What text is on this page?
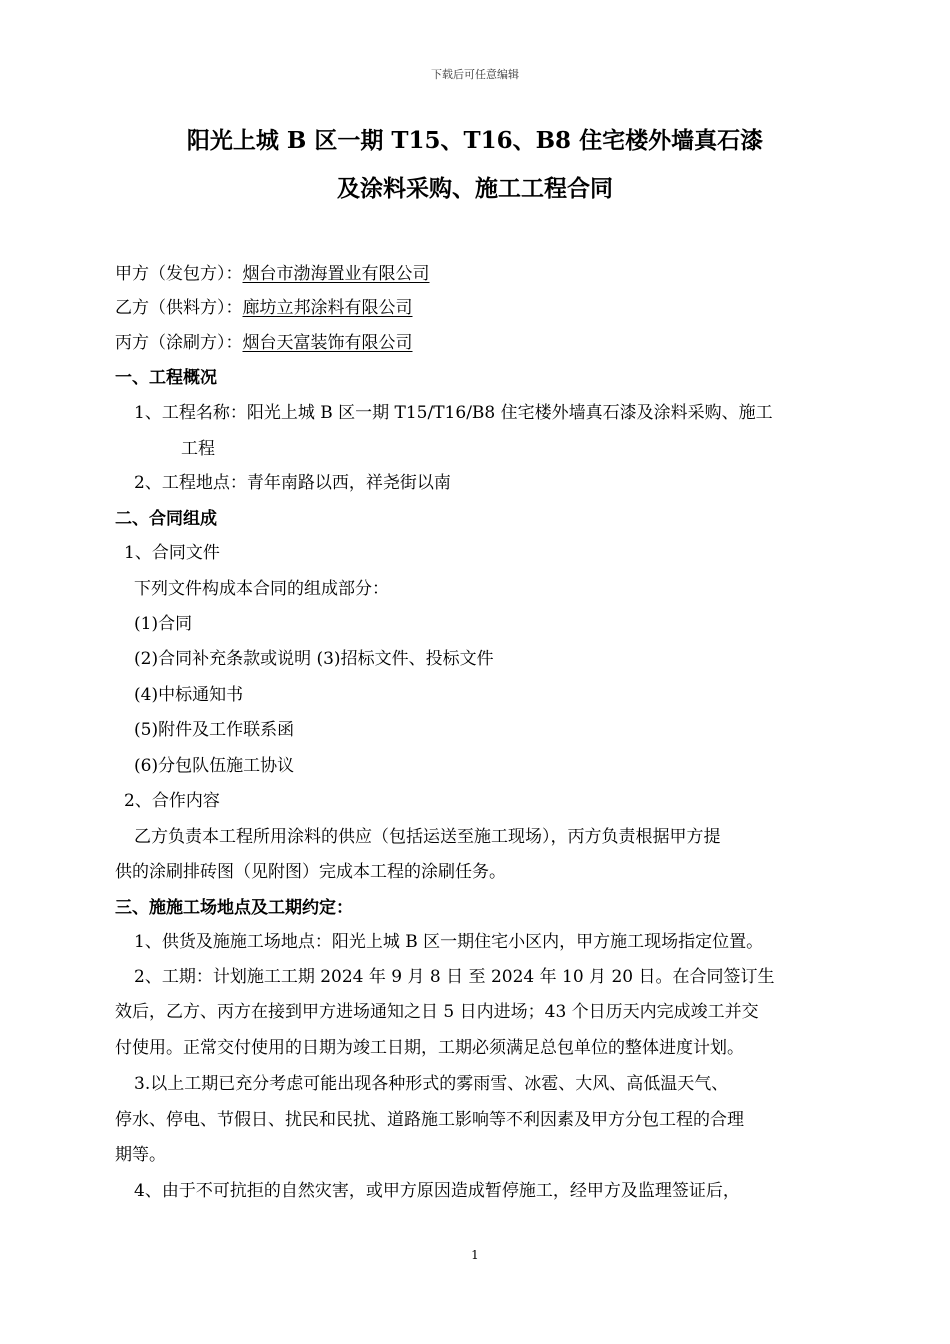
下载后可任意编辑
阳光上城 B 区一期 T15、T16、B8 住宅楼外墙真石漆
及涂料采购、施工工程合同
甲方（发包方）：烟台市渤海置业有限公司
乙方（供料方）：廊坊立邦涂料有限公司
丙方（涂刷方）：烟台天富装饰有限公司
一、工程概况
1、工程名称：阳光上城 B 区一期 T15/T16/B8 住宅楼外墙真石漆及涂料采购、施工
工程
2、工程地点：青年南路以西，祥尧街以南
二、合同组成
1、合同文件
下列文件构成本合同的组成部分：
(1)合同
(2)合同补充条款或说明 (3)招标文件、投标文件
(4)中标通知书
(5)附件及工作联系函
(6)分包队伍施工协议
2、合作内容
乙方负责本工程所用涂料的供应（包括运送至施工现场），丙方负责根据甲方提
供的涂刷排砖图（见附图）完成本工程的涂刷任务。
三、施施工场地点及工期约定：
1、供货及施施工场地点：阳光上城 B 区一期住宅小区内，甲方施工现场指定位置。
2、工期：计划施工工期 2024 年 9 月 8 日 至 2024 年 10 月 20 日。在合同签订生
效后，乙方、丙方在接到甲方进场通知之日 5 日内进场；43 个日历天内完成竣工并交
付使用。正常交付使用的日期为竣工日期，工期必须满足总包单位的整体进度计划。
3.以上工期已充分考虑可能出现各种形式的雾雨雪、冰雹、大风、高低温天气、
停水、停电、节假日、扰民和民扰、道路施工影响等不利因素及甲方分包工程的合理
期等。
4、由于不可抗拒的自然灾害，或甲方原因造成暂停施工，经甲方及监理签证后，
1
